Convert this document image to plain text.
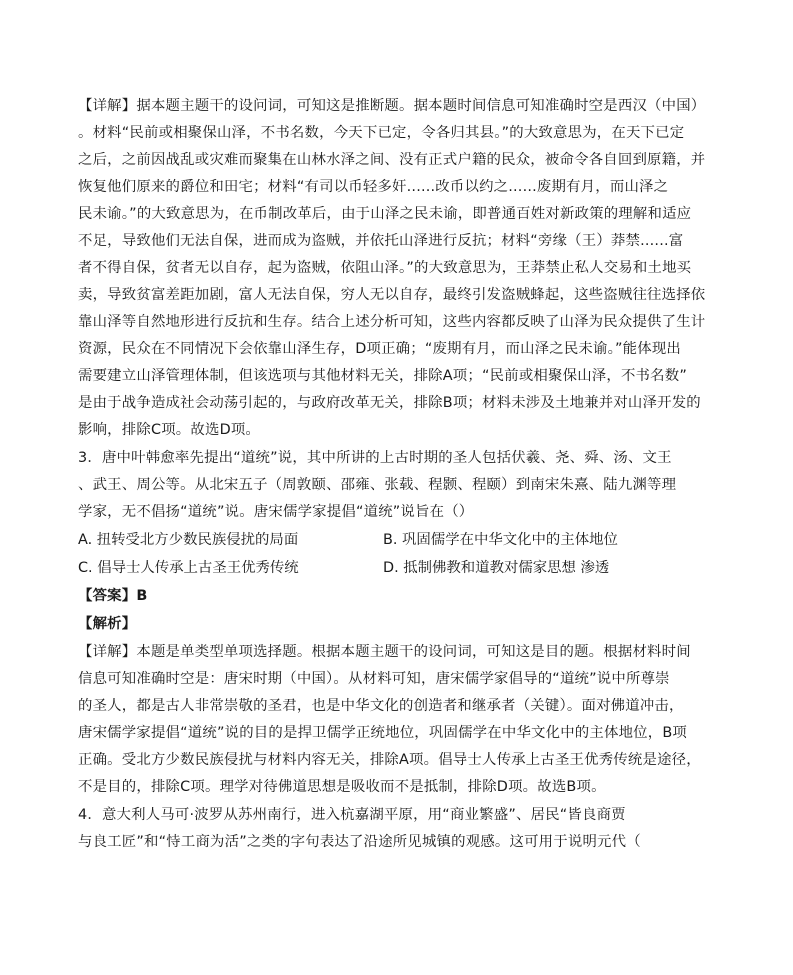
【详解】据本题主题干的设问词，可知这是推断题。据本题时间信息可知准确时空是西汉（中国）
。材料“民前或相聚保山泽，不书名数，今天下已定，令各归其县。”的大致意思为，在天下已定
之后，之前因战乱或灾难而聚集在山林水泽之间、没有正式户籍的民众，被命令各自回到原籍，并
恢复他们原来的爵位和田宅；材料“有司以币轻多奸......改币以约之......废期有月，而山泽之
民未谕。”的大致意思为，在币制改革后，由于山泽之民未谕，即普通百姓对新政策的理解和适应
不足，导致他们无法自保，进而成为盗贼，并依托山泽进行反抗；材料“旁缘（王）莽禁......富
者不得自保，贫者无以自存，起为盗贼，依阻山泽。”的大致意思为，王莽禁止私人交易和土地买
卖，导致贫富差距加剧，富人无法自保，穷人无以自存，最终引发盗贼蜂起，这些盗贼往往选择依
靠山泽等自然地形进行反抗和生存。结合上述分析可知，这些内容都反映了山泽为民众提供了生计
资源，民众在不同情况下会依靠山泽生存，D项正确；“废期有月，而山泽之民未谕。”能体现出
需要建立山泽管理体制，但该选项与其他材料无关，排除A项；“民前或相聚保山泽，不书名数”
是由于战争造成社会动荡引起的，与政府改革无关，排除B项；材料未涉及土地兼并对山泽开发的
影响，排除C项。故选D项。
3．唐中叶韩愈率先提出“道统”说，其中所讲的上古时期的圣人包括伏羲、尧、舜、汤、文王
、武王、周公等。从北宋五子（周敦颐、邵雍、张载、程颢、程颐）到南宋朱熹、陆九渊等理
学家，无不倡扬“道统”说。唐宋儒学家提倡“道统”说旨在（）
A. 扭转受北方少数民族侵扰的局面	B. 巩固儒学在中华文化中的主体地位
C. 倡导士人传承上古圣王优秀传统	D. 抵制佛教和道教对儒家思想 渗透
【答案】B
【解析】
【详解】本题是单类型单项选择题。根据本题主题干的设问词，可知这是目的题。根据材料时间
信息可知准确时空是：唐宋时期（中国）。从材料可知，唐宋儒学家倡导的“道统”说中所尊崇
的圣人，都是古人非常崇敬的圣君，也是中华文化的创造者和继承者（关键）。面对佛道冲击，
唐宋儒学家提倡“道统”说的目的是捍卫儒学正统地位，巩固儒学在中华文化中的主体地位，B项
正确。受北方少数民族侵扰与材料内容无关，排除A项。倡导士人传承上古圣王优秀传统是途径，
不是目的，排除C项。理学对待佛道思想是吸收而不是抵制，排除D项。故选B项。
4．意大利人马可·波罗从苏州南行，进入杭嘉湖平原，用“商业繁盛”、居民“皆良商贾
与良工匠”和“恃工商为活”之类的字句表达了沿途所见城镇的观感。这可用于说明元代（
